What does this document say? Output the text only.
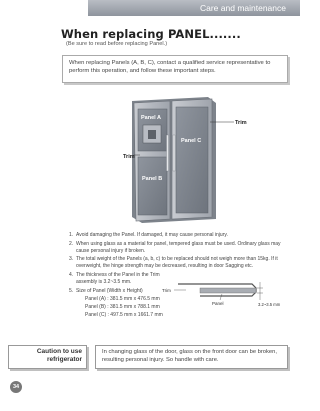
Care and maintenance
When replacing PANEL.......
(Be sure to read before replacing Panel.)

When replacing Panels (A, B, C), contact a qualified service representative to perform this operation, and follow these important steps.

Panel A
Panel B
Panel C
Trim
Trim
1. Avoid damaging the Panel. If damaged, it may cause personal injury.
2. When using glass as a material for panel, tempered glass must be used. Ordinary glass may cause personal injury if broken.
3. The total weight of the Panels (a, b, c) to be replaced should not weigh more than 15kg. If it overweight, the hinge strength may be decreased, resulting in door Sagging etc.
4. The thickness of the Panel in the Trim assembly is 3.2~3.5 mm.
5. Size of Panel (Width x Height)
Panel (A) : 381.5 mm x 476.5 mm
Panel (B) : 381.5 mm x 788.1 mm
Panel (C) : 497.5 mm x 1661.7 mm
Trim
Panel	3.2~3.5 mm
Caution to use
refrigerator

In changing glass of the door, glass on the front door can be broken, resulting personal injury. So handle with care.

34
